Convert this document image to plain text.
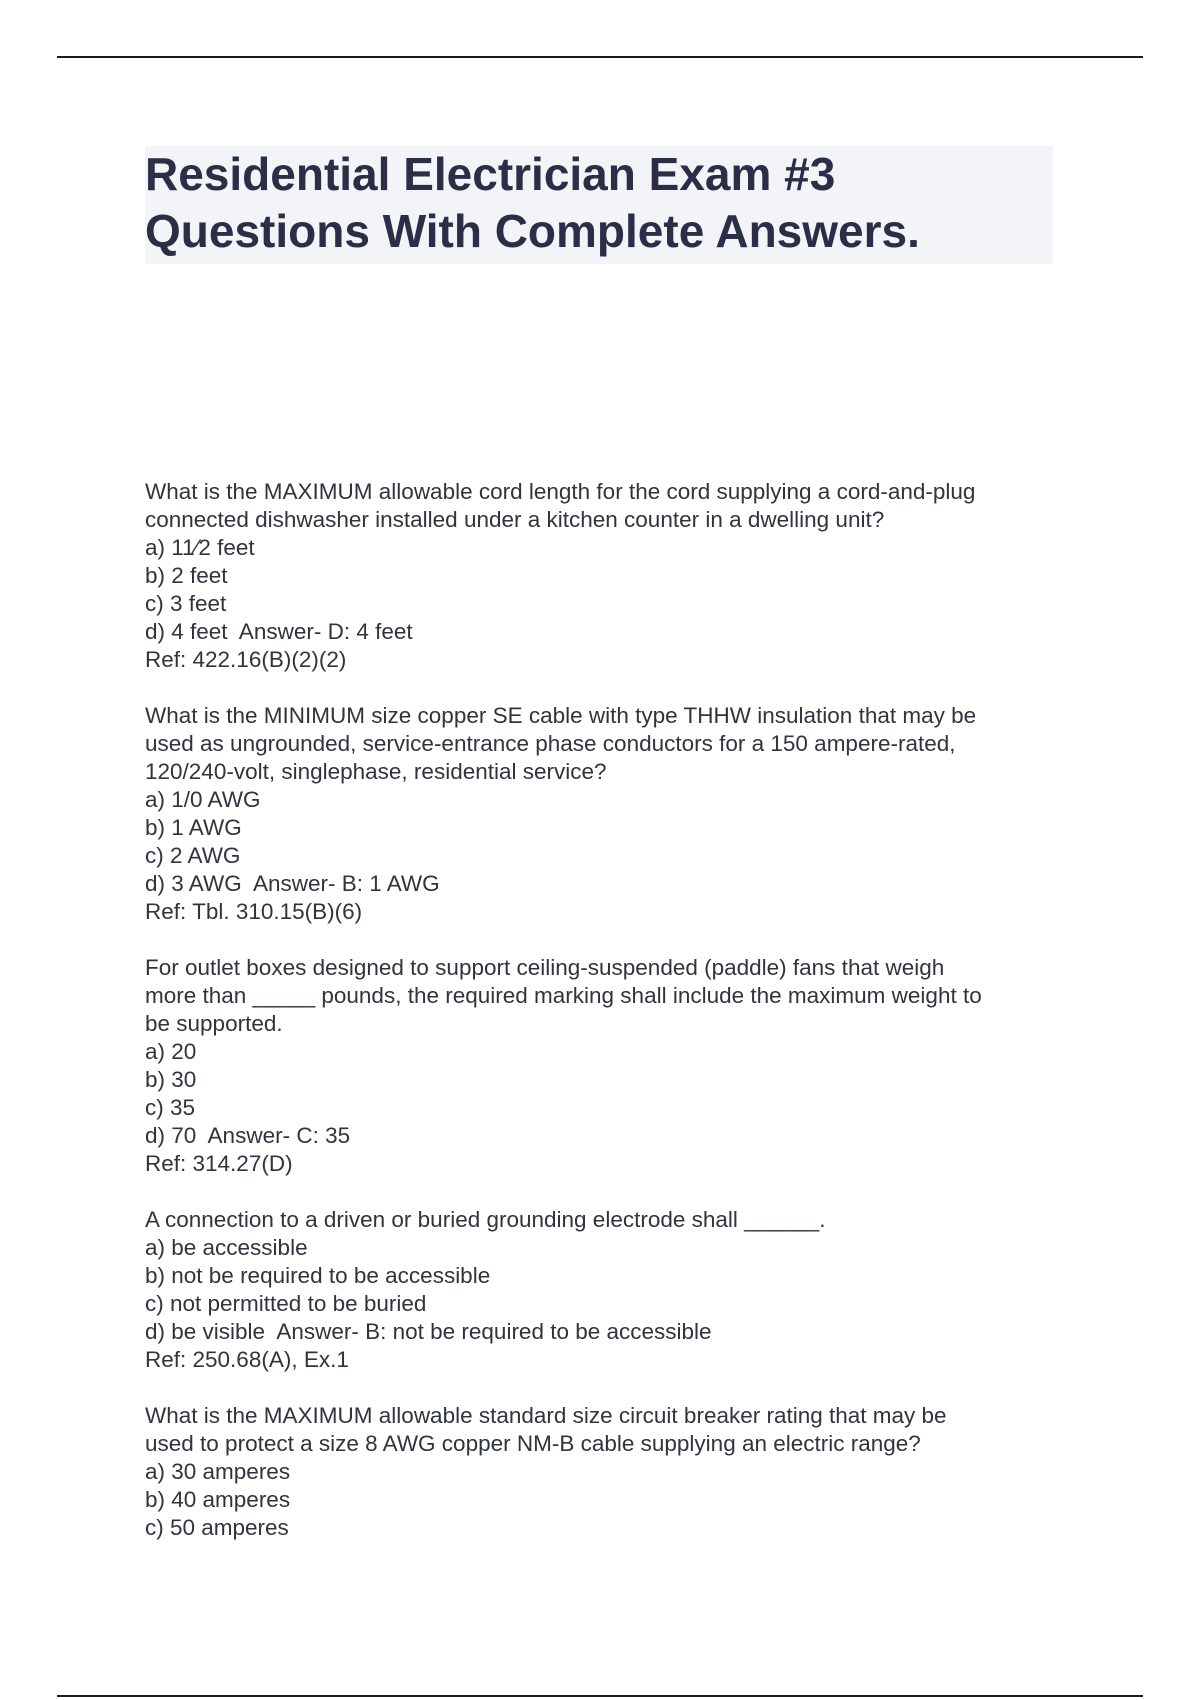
Residential Electrician Exam #3
Questions With Complete Answers.
What is the MAXIMUM allowable cord length for the cord supplying a cord-and-plug
connected dishwasher installed under a kitchen counter in a dwelling unit?
a) 11⁄2 feet
b) 2 feet
c) 3 feet
d) 4 feet  Answer- D: 4 feet
Ref: 422.16(B)(2)(2)
What is the MINIMUM size copper SE cable with type THHW insulation that may be
used as ungrounded, service-entrance phase conductors for a 150 ampere-rated,
120/240-volt, singlephase, residential service?
a) 1/0 AWG
b) 1 AWG
c) 2 AWG
d) 3 AWG  Answer- B: 1 AWG
Ref: Tbl. 310.15(B)(6)
For outlet boxes designed to support ceiling-suspended (paddle) fans that weigh
more than _____ pounds, the required marking shall include the maximum weight to
be supported.
a) 20
b) 30
c) 35
d) 70  Answer- C: 35
Ref: 314.27(D)
A connection to a driven or buried grounding electrode shall ______.
a) be accessible
b) not be required to be accessible
c) not permitted to be buried
d) be visible  Answer- B: not be required to be accessible
Ref: 250.68(A), Ex.1
What is the MAXIMUM allowable standard size circuit breaker rating that may be
used to protect a size 8 AWG copper NM-B cable supplying an electric range?
a) 30 amperes
b) 40 amperes
c) 50 amperes
